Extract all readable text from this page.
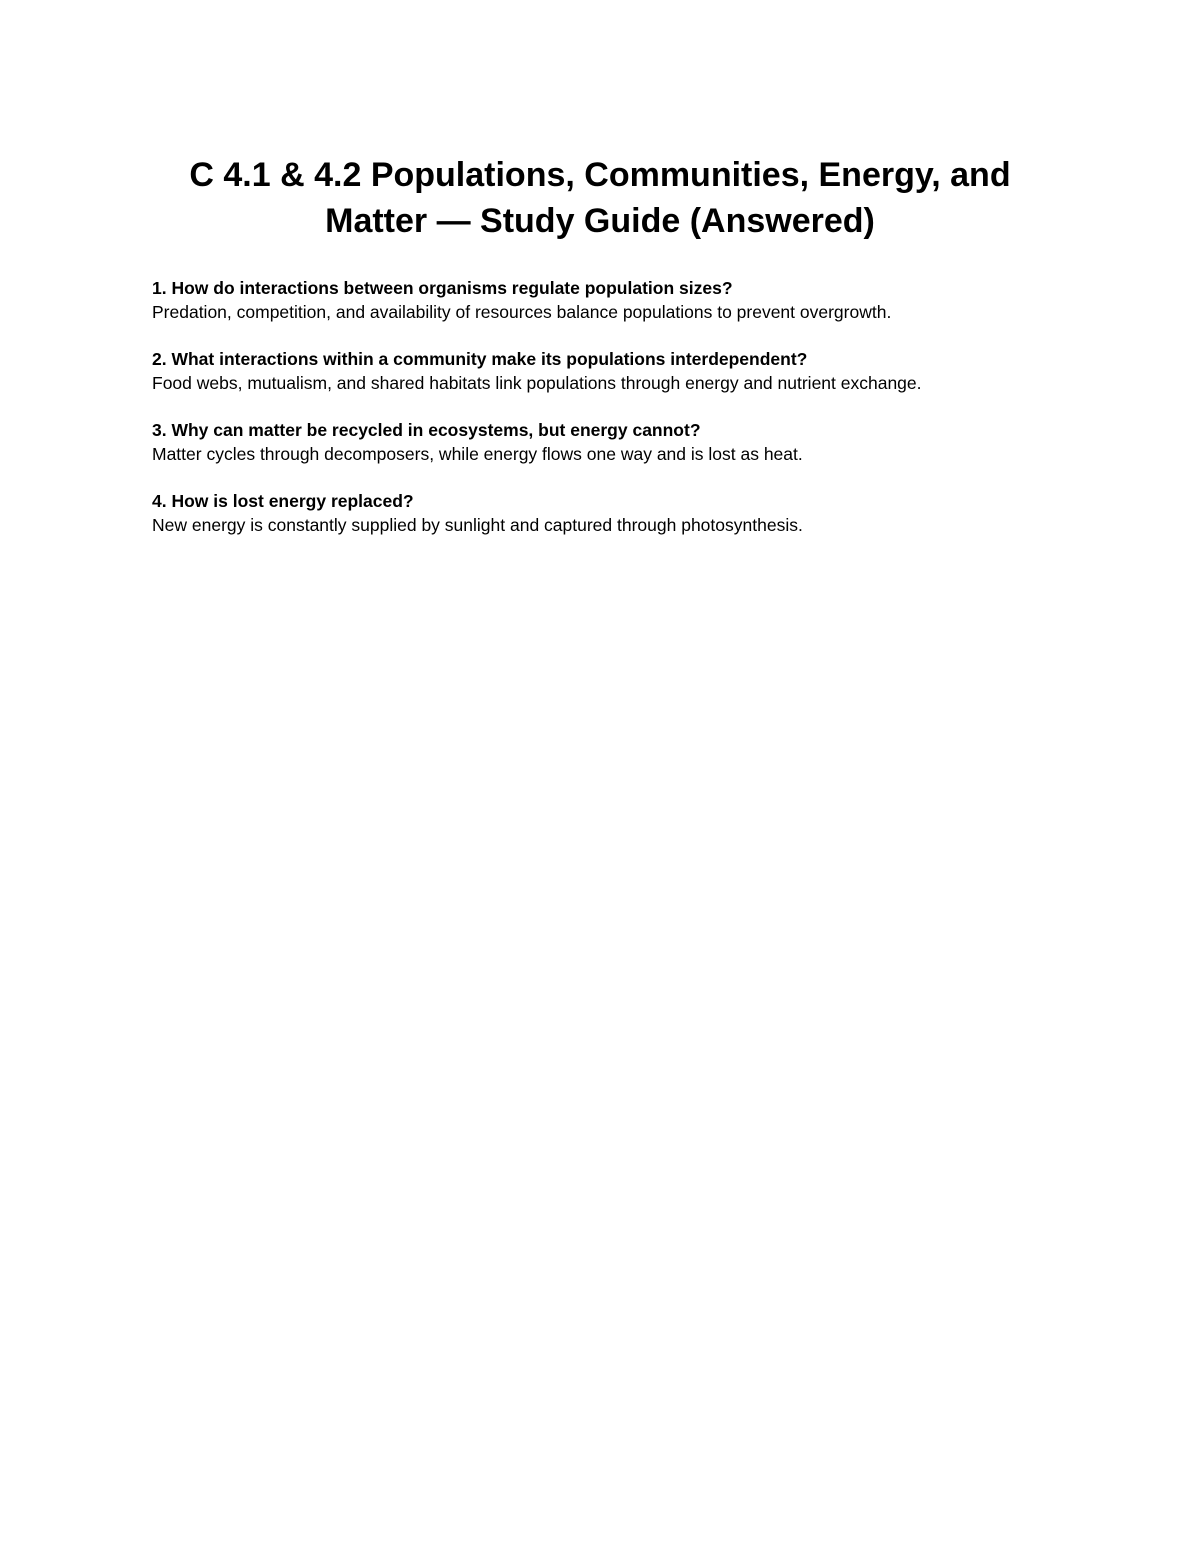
C 4.1 & 4.2 Populations, Communities, Energy, and
Matter — Study Guide (Answered)

1. How do interactions between organisms regulate population sizes?

Predation, competition, and availability of resources balance populations to prevent overgrowth.

2. What interactions within a community make its populations interdependent?

Food webs, mutualism, and shared habitats link populations through energy and nutrient exchange.

3. Why can matter be recycled in ecosystems, but energy cannot?

Matter cycles through decomposers, while energy flows one way and is lost as heat.

4. How is lost energy replaced?

New energy is constantly supplied by sunlight and captured through photosynthesis.
